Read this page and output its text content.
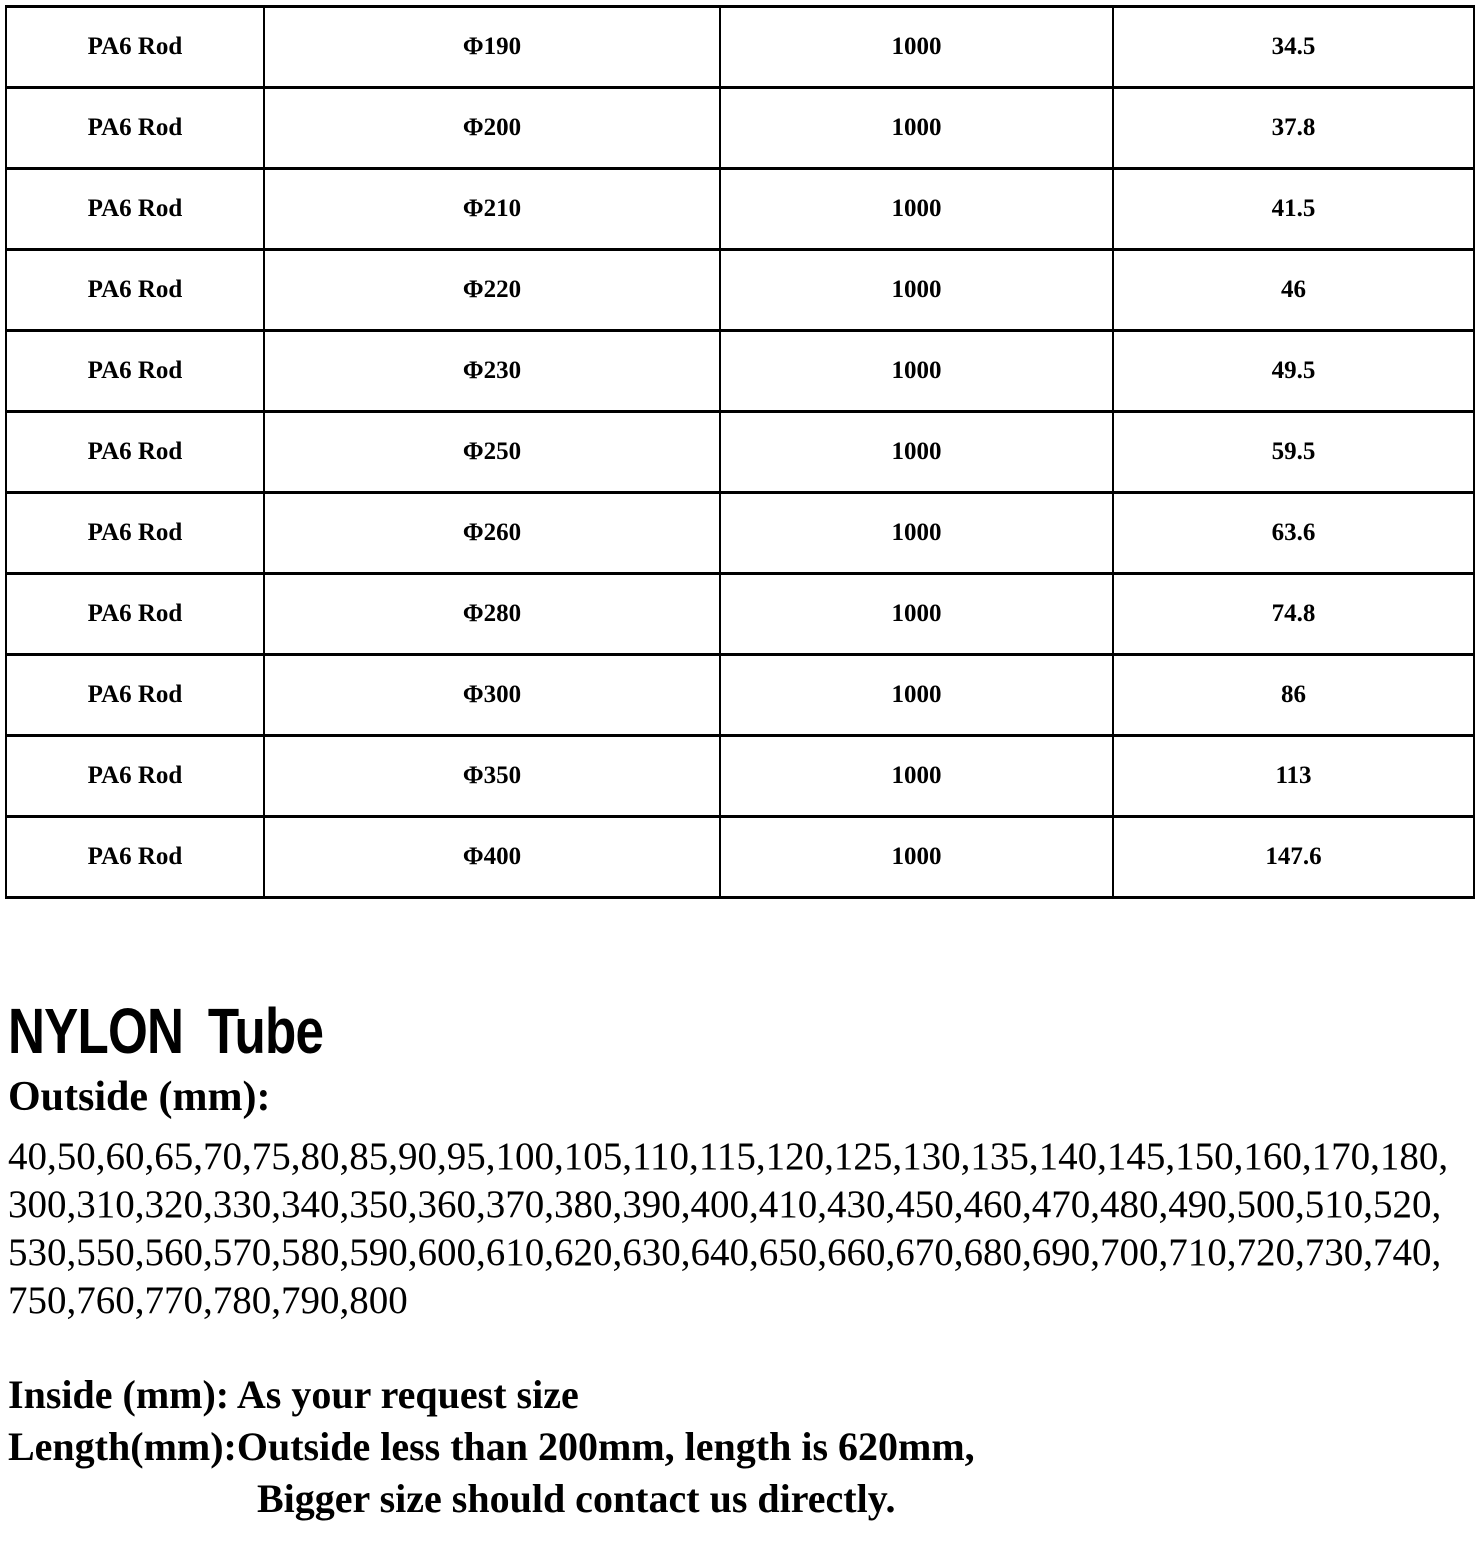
PA6 Rod	Φ190	1000	34.5
PA6 Rod	Φ200	1000	37.8
PA6 Rod	Φ210	1000	41.5
PA6 Rod	Φ220	1000	46
PA6 Rod	Φ230	1000	49.5
PA6 Rod	Φ250	1000	59.5
PA6 Rod	Φ260	1000	63.6
PA6 Rod	Φ280	1000	74.8
PA6 Rod	Φ300	1000	86
PA6 Rod	Φ350	1000	113
PA6 Rod	Φ400	1000	147.6
NYLON Tube
Outside (mm):
40,50,60,65,70,75,80,85,90,95,100,105,110,115,120,125,130,135,140,145,150,160,170,180,
300,310,320,330,340,350,360,370,380,390,400,410,430,450,460,470,480,490,500,510,520,
530,550,560,570,580,590,600,610,620,630,640,650,660,670,680,690,700,710,720,730,740,
750,760,770,780,790,800
Inside (mm): As your request size
Length(mm):Outside less than 200mm, length is 620mm,
Bigger size should contact us directly.
